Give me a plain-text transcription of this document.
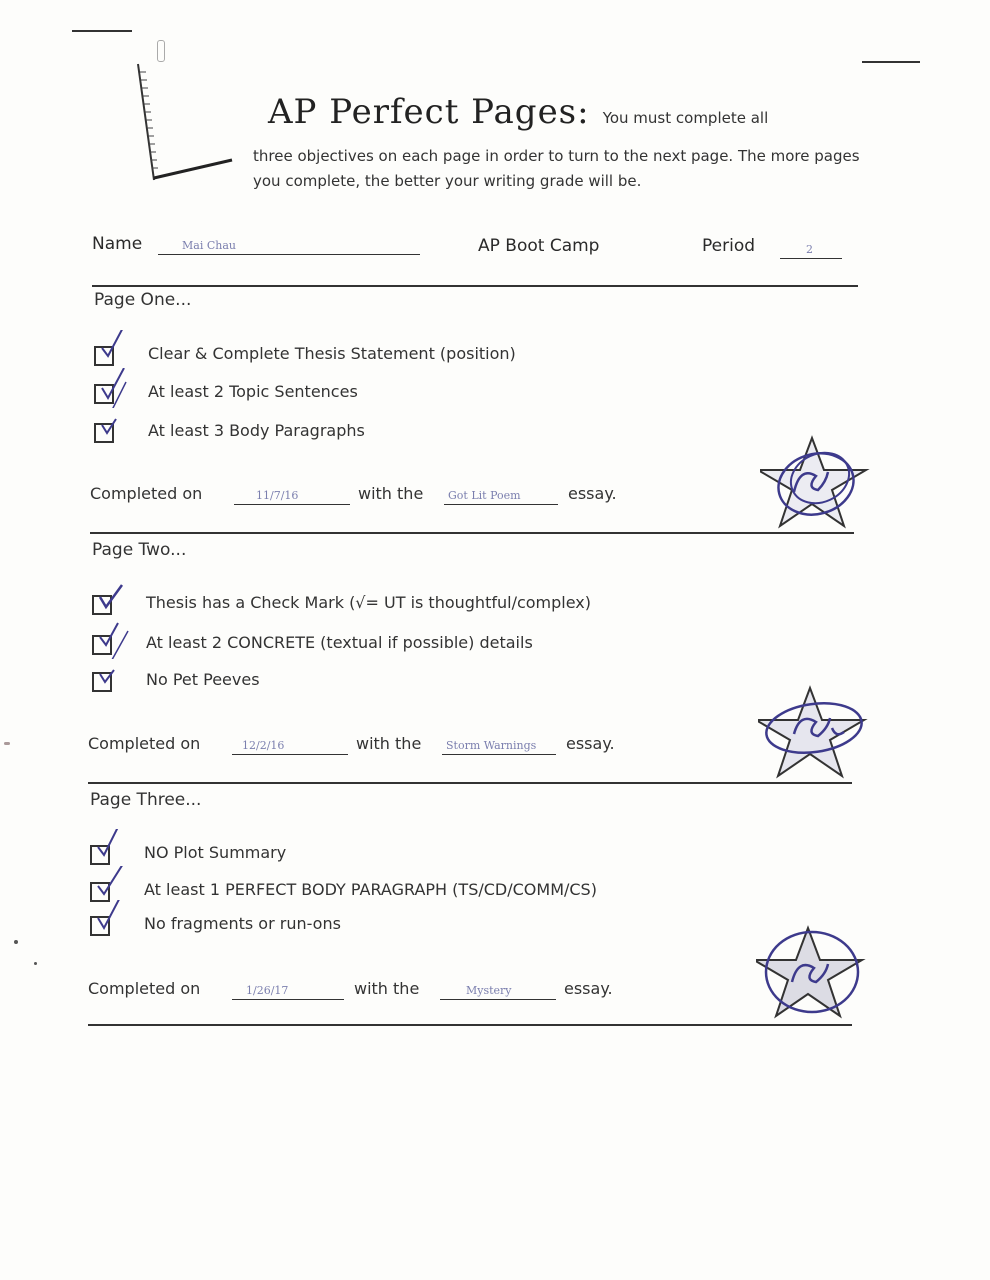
AP Perfect Pages: You must complete all
three objectives on each page in order to turn to the next page. The more pages you complete, the better your writing grade will be.
Name	Mai Chau	AP Boot Camp	Period	2
Page One...
Clear & Complete Thesis Statement (position)
At least 2 Topic Sentences
At least 3 Body Paragraphs
Completed on	11/7/16	with the Got Lit Poem	essay.
Page Two...
Thesis has a Check Mark (√= UT is thoughtful/complex)
At least 2 CONCRETE (textual if possible) details
No Pet Peeves
Completed on	12/2/16	with the Storm Warnings essay.
Page Three...
NO Plot Summary
At least 1 PERFECT BODY PARAGRAPH (TS/CD/COMM/CS)
No fragments or run-ons
Completed on	1/26/17	with the	Mystery	essay.
